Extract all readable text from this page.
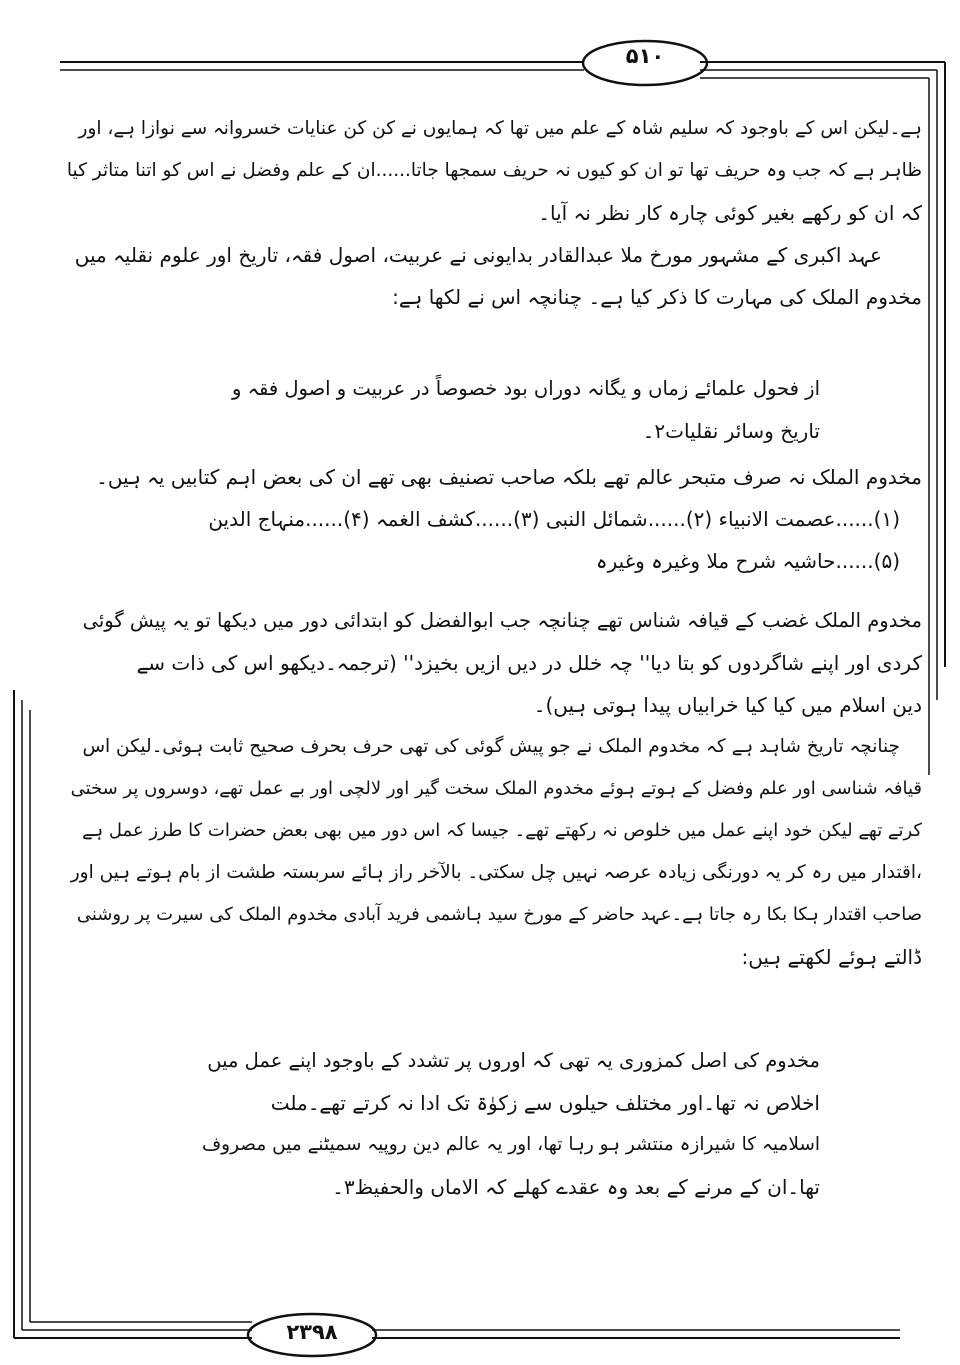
۵۱۰
۲۳۹۸
ہے۔لیکن اس کے باوجود کہ سلیم شاہ کے علم میں تھا کہ ہمایوں نے کن کن عنایات خسروانہ سے نوازا ہے، اور
ظاہر ہے کہ جب وہ حریف تھا تو ان کو کیوں نہ حریف سمجھا جاتا......ان کے علم وفضل نے اس کو اتنا متاثر کیا
کہ ان کو رکھے بغیر کوئی چارہ کار نظر نہ آیا۔
عہد اکبری کے مشہور مورخ ملا عبدالقادر بدایونی نے عربیت، اصول فقہ، تاریخ اور علوم نقلیہ میں
مخدوم الملک کی مہارت کا ذکر کیا ہے۔ چنانچہ اس نے لکھا ہے:
از فحول علمائے زماں و یگانہ دوراں بود خصوصاً در عربیت و اصول فقہ و
تاریخ وسائر نقلیات۲۔
مخدوم الملک نہ صرف متبحر عالم تھے بلکہ صاحب تصنیف بھی تھے ان کی بعض اہم کتابیں یہ ہیں۔
(۱)......عصمت الانبیاء (۲)......شمائل النبی (۳)......کشف الغمہ (۴)......منہاج الدین
(۵)......حاشیہ شرح ملا وغیرہ وغیرہ
مخدوم الملک غضب کے قیافہ شناس تھے چنانچہ جب ابوالفضل کو ابتدائی دور میں دیکھا تو یہ پیش گوئی
کردی اور اپنے شاگردوں کو بتا دیا'' چہ خلل در دیں ازیں بخیزد'' (ترجمہ۔دیکھو اس کی ذات سے
دین اسلام میں کیا کیا خرابیاں پیدا ہوتی ہیں)۔
چنانچہ تاریخ شاہد ہے کہ مخدوم الملک نے جو پیش گوئی کی تھی حرف بحرف صحیح ثابت ہوئی۔لیکن اس
قیافہ شناسی اور علم وفضل کے ہوتے ہوئے مخدوم الملک سخت گیر اور لالچی اور بے عمل تھے، دوسروں پر سختی
کرتے تھے لیکن خود اپنے عمل میں خلوص نہ رکھتے تھے۔ جیسا کہ اس دور میں بھی بعض حضرات کا طرز عمل ہے
،اقتدار میں رہ کر یہ دورنگی زیادہ عرصہ نہیں چل سکتی۔ بالآخر راز ہائے سربستہ طشت از بام ہوتے ہیں اور
صاحب اقتدار ہکا بکا رہ جاتا ہے۔عہد حاضر کے مورخ سید ہاشمی فرید آبادی مخدوم الملک کی سیرت پر روشنی
ڈالتے ہوئے لکھتے ہیں:
مخدوم کی اصل کمزوری یہ تھی کہ اوروں پر تشدد کے باوجود اپنے عمل میں
اخلاص نہ تھا۔اور مختلف حیلوں سے زکوٰۃ تک ادا نہ کرتے تھے۔ملت
اسلامیہ کا شیرازہ منتشر ہو رہا تھا، اور یہ عالم دین روپیہ سمیٹنے میں مصروف
تھا۔ان کے مرنے کے بعد وہ عقدے کھلے کہ الاماں والحفیظ۳۔
